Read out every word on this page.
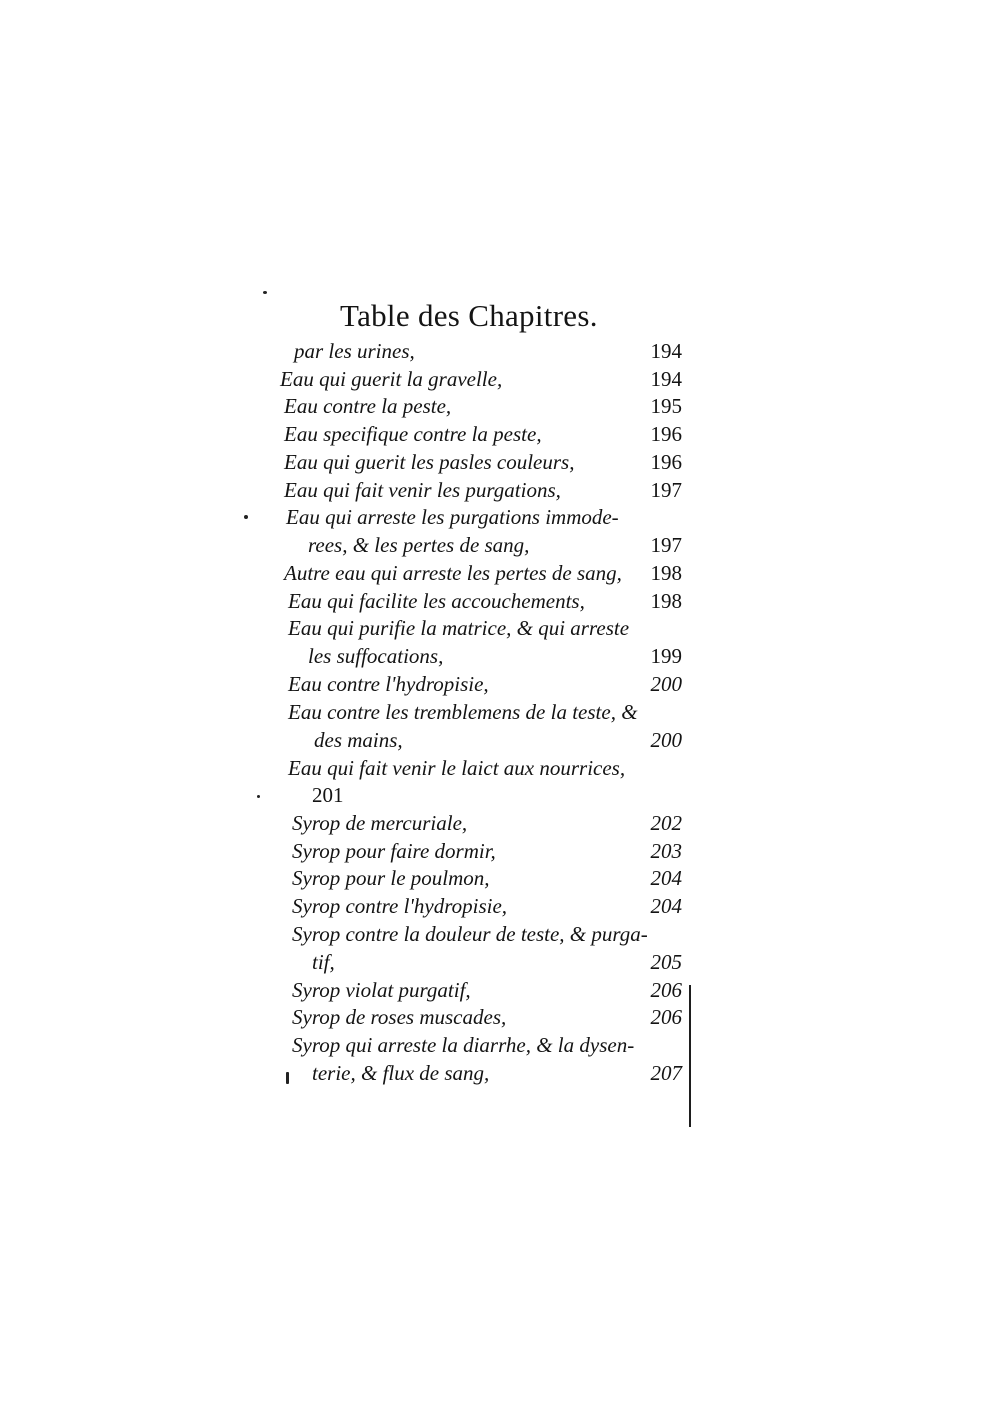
Table des Chapitres.
par les urines,	194
Eau qui guerit la gravelle,	194
Eau contre la peste,	195
Eau specifique contre la peste,	196
Eau qui guerit les pasles couleurs,	196
Eau qui fait venir les purgations,	197
Eau qui arreste les purgations immode-
rees, & les pertes de sang,	197
Autre eau qui arreste les pertes de sang, 198
Eau qui facilite les accouchements,	198
Eau qui purifie la matrice, & qui arreste
les suffocations,	199
Eau contre l'hydropisie,	200
Eau contre les tremblemens de la teste, &
des mains,	200
Eau qui fait venir le laict aux nourrices,
201
Syrop de mercuriale,	202
Syrop pour faire dormir,	203
Syrop pour le poulmon,	204
Syrop contre l'hydropisie,	204
Syrop contre la douleur de teste, & purga-
tif,	205
Syrop violat purgatif,	206
Syrop de roses muscades,	206
Syrop qui arreste la diarrhe, & la dysen-
terie, & flux de sang,	207
